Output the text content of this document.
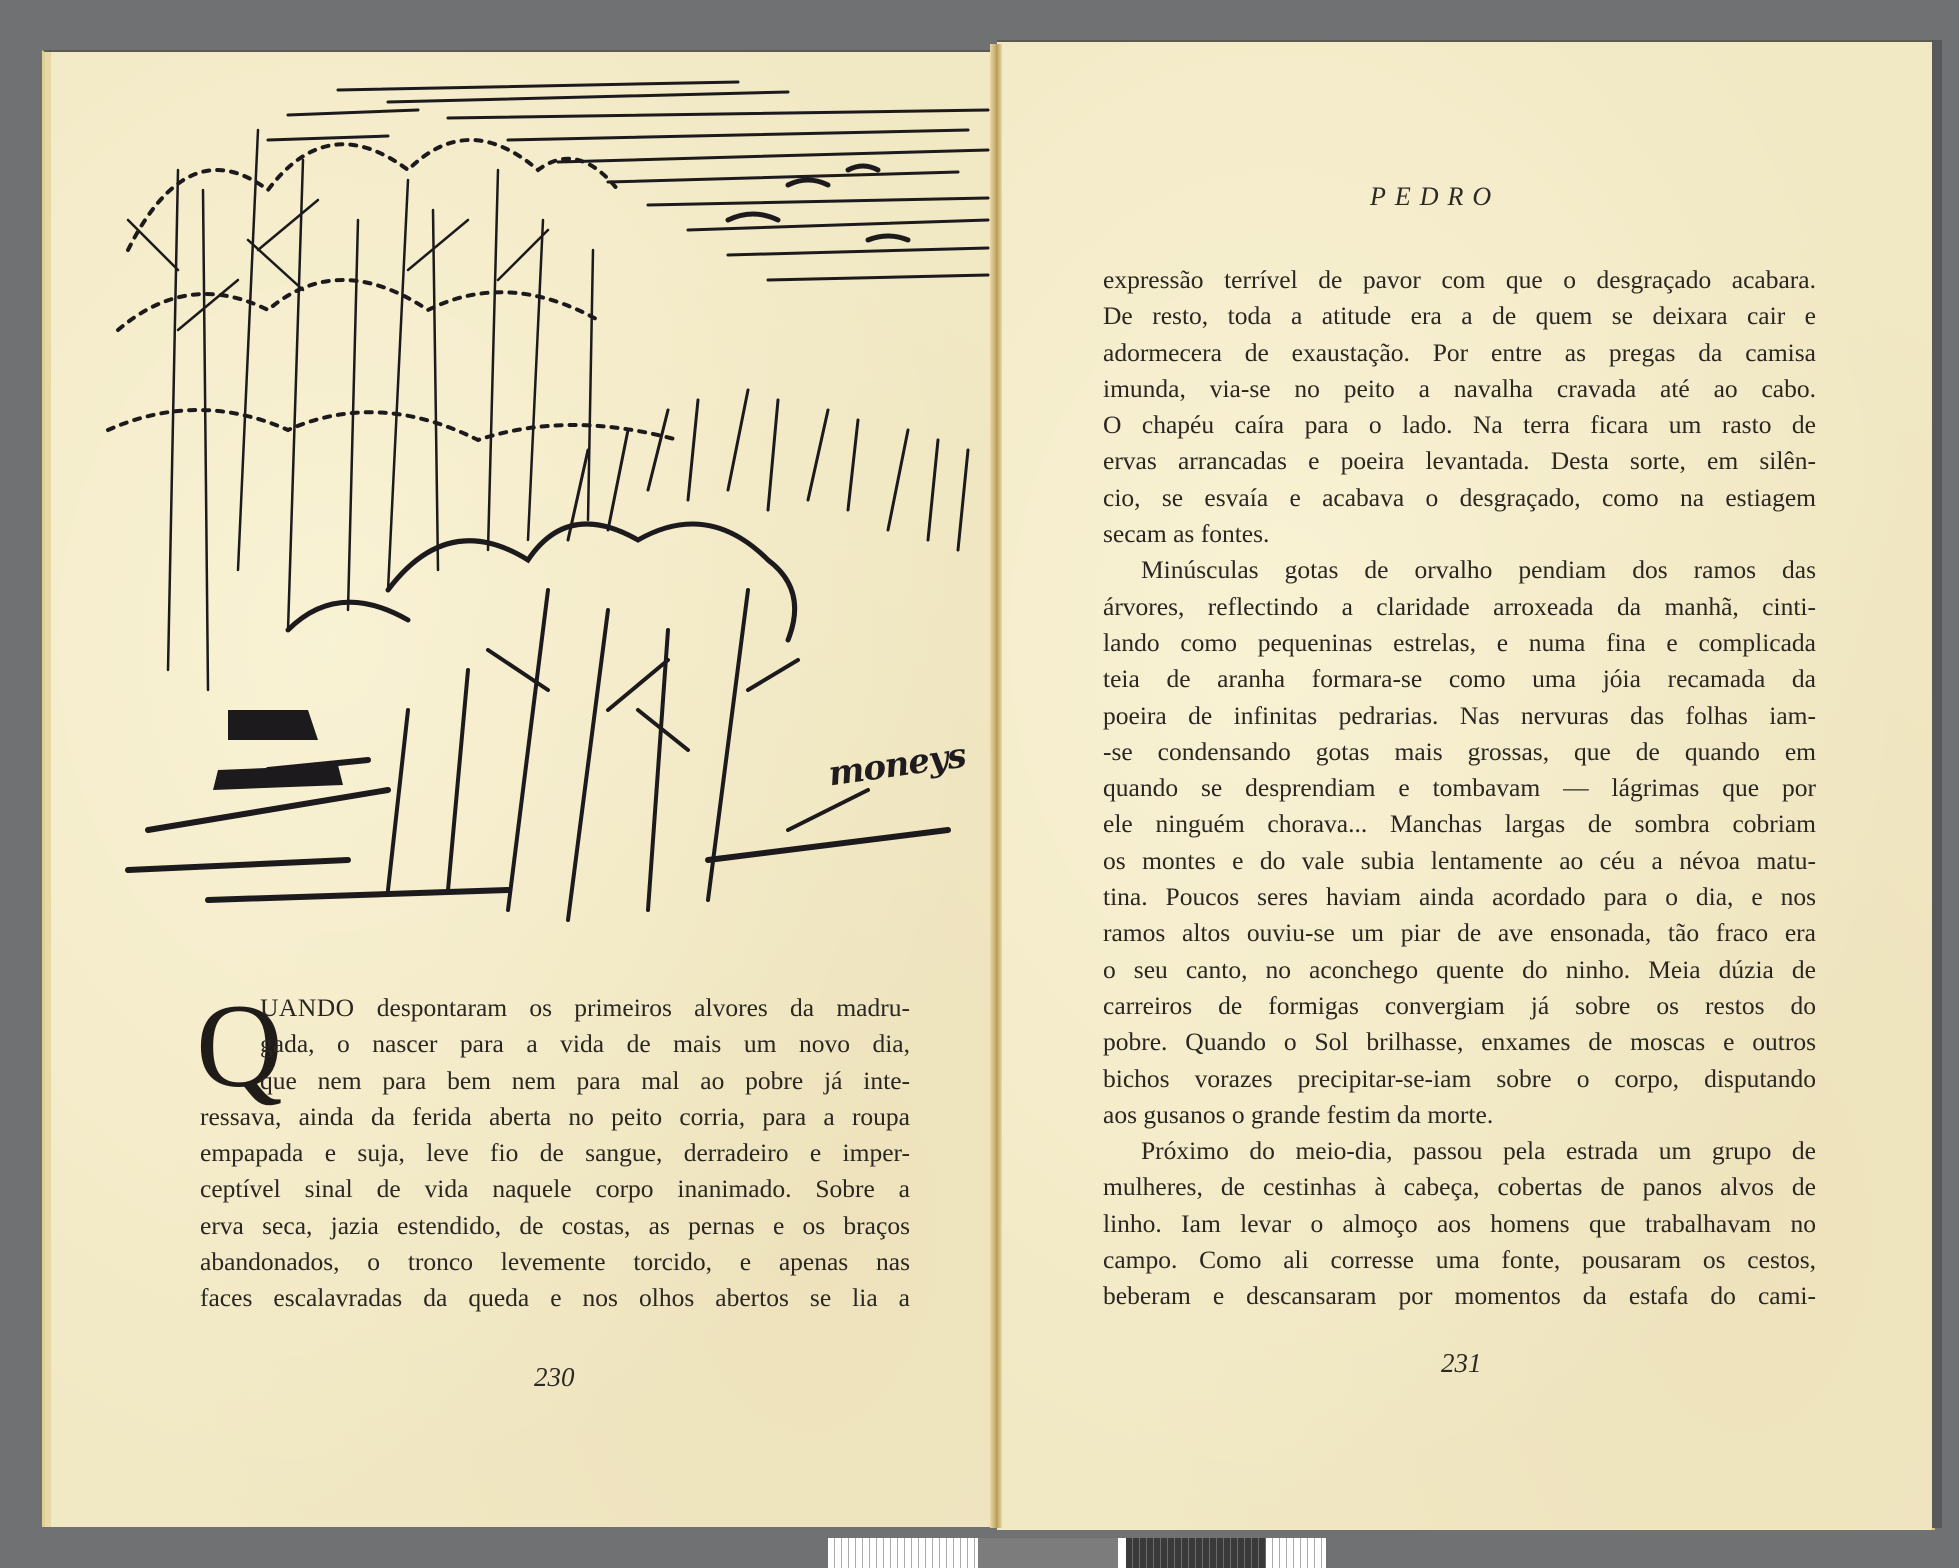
moneys
Q
UANDO despontaram os primeiros alvores da madru-
gada, o nascer para a vida de mais um novo dia,
que nem para bem nem para mal ao pobre já inte-
ressava, ainda da ferida aberta no peito corria, para a roupa
empapada e suja, leve fio de sangue, derradeiro e imper-
ceptível sinal de vida naquele corpo inanimado. Sobre a
erva seca, jazia estendido, de costas, as pernas e os braços
abandonados, o tronco levemente torcido, e apenas nas
faces escalavradas da queda e nos olhos abertos se lia a
230
PEDRO
expressão terrível de pavor com que o desgraçado acabara.
De resto, toda a atitude era a de quem se deixara cair e
adormecera de exaustação. Por entre as pregas da camisa
imunda, via-se no peito a navalha cravada até ao cabo.
O chapéu caíra para o lado. Na terra ficara um rasto de
ervas arrancadas e poeira levantada. Desta sorte, em silên-
cio, se esvaía e acabava o desgraçado, como na estiagem
secam as fontes.
Minúsculas gotas de orvalho pendiam dos ramos das
árvores, reflectindo a claridade arroxeada da manhã, cinti-
lando como pequeninas estrelas, e numa fina e complicada
teia de aranha formara-se como uma jóia recamada da
poeira de infinitas pedrarias. Nas nervuras das folhas iam-
-se condensando gotas mais grossas, que de quando em
quando se desprendiam e tombavam — lágrimas que por
ele ninguém chorava... Manchas largas de sombra cobriam
os montes e do vale subia lentamente ao céu a névoa matu-
tina. Poucos seres haviam ainda acordado para o dia, e nos
ramos altos ouviu-se um piar de ave ensonada, tão fraco era
o seu canto, no aconchego quente do ninho. Meia dúzia de
carreiros de formigas convergiam já sobre os restos do
pobre. Quando o Sol brilhasse, enxames de moscas e outros
bichos vorazes precipitar-se-iam sobre o corpo, disputando
aos gusanos o grande festim da morte.
Próximo do meio-dia, passou pela estrada um grupo de
mulheres, de cestinhas à cabeça, cobertas de panos alvos de
linho. Iam levar o almoço aos homens que trabalhavam no
campo. Como ali corresse uma fonte, pousaram os cestos,
beberam e descansaram por momentos da estafa do cami-
231
